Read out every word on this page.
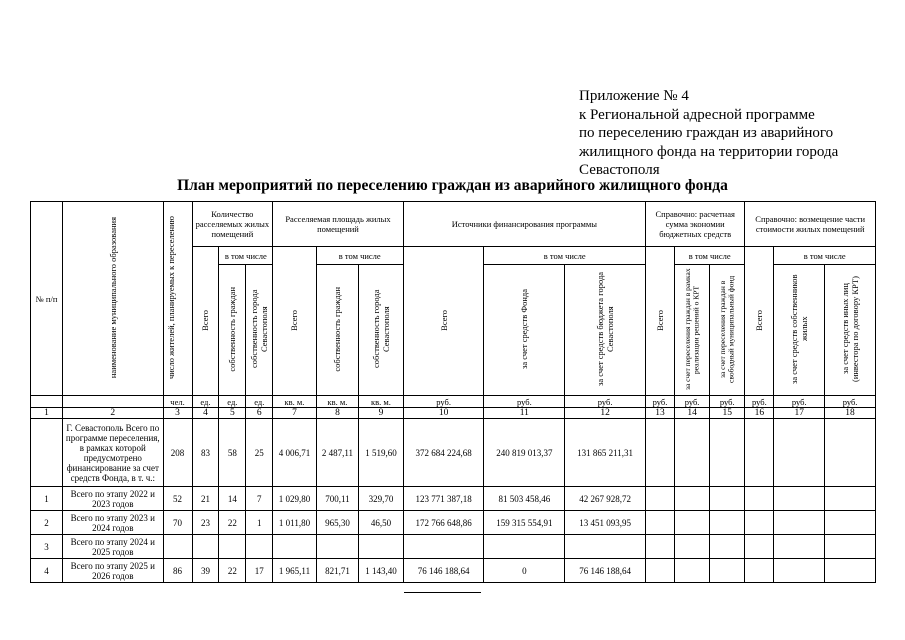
Приложение № 4
к Региональной адресной программе
по переселению граждан из аварийного
жилищного фонда на территории города
Севастополя
План мероприятий по переселению граждан из аварийного жилищного фонда
№ п/п	наименование муниципального образования	число жителей, планируемых к переселению	Количество расселяемых жилых помещений			Расселяемая площадь жилых помещений			Источники финансирования программы			Справочно: расчетная сумма экономии бюджетных средств			Справочно: возмещение части стоимости жилых помещений		
			Всего	в том числе		Всего	в том числе		Всего	в том числе		Всего	в том числе		Всего	в том числе	
				собственность граждан	собственность города Севастополя		собственность граждан	собственность города Севастополя		за счет средств Фонда	за счет средств бюджета города Севастополя		за счет переселения граждан в рамках реализации решений о КРТ	за счет переселения граждан в свободный муниципальный фонд		за счет средств собственников жилых	за счет средств иных лиц (инвестора по договору КРТ)
		чел.	ед.	ед.	ед.	кв. м.	кв. м.	кв. м.	руб.	руб.	руб.	руб.	руб.	руб.	руб.	руб.	руб.
1	2	3	4	5	6	7	8	9	10	11	12	13	14	15	16	17	18
	Г. Севастополь Всего по программе переселения, в рамках которой предусмотрено финансирование за счет средств Фонда, в т. ч.:	208	83	58	25	4 006,71	2 487,11	1 519,60	372 684 224,68	240 819 013,37	131 865 211,31						
1	Всего по этапу 2022 и 2023 годов	52	21	14	7	1 029,80	700,11	329,70	123 771 387,18	81 503 458,46	42 267 928,72						
2	Всего по этапу 2023 и 2024 годов	70	23	22	1	1 011,80	965,30	46,50	172 766 648,86	159 315 554,91	13 451 093,95						
3	Всего по этапу 2024 и 2025 годов																
4	Всего по этапу 2025 и 2026 годов	86	39	22	17	1 965,11	821,71	1 143,40	76 146 188,64	0	76 146 188,64						
